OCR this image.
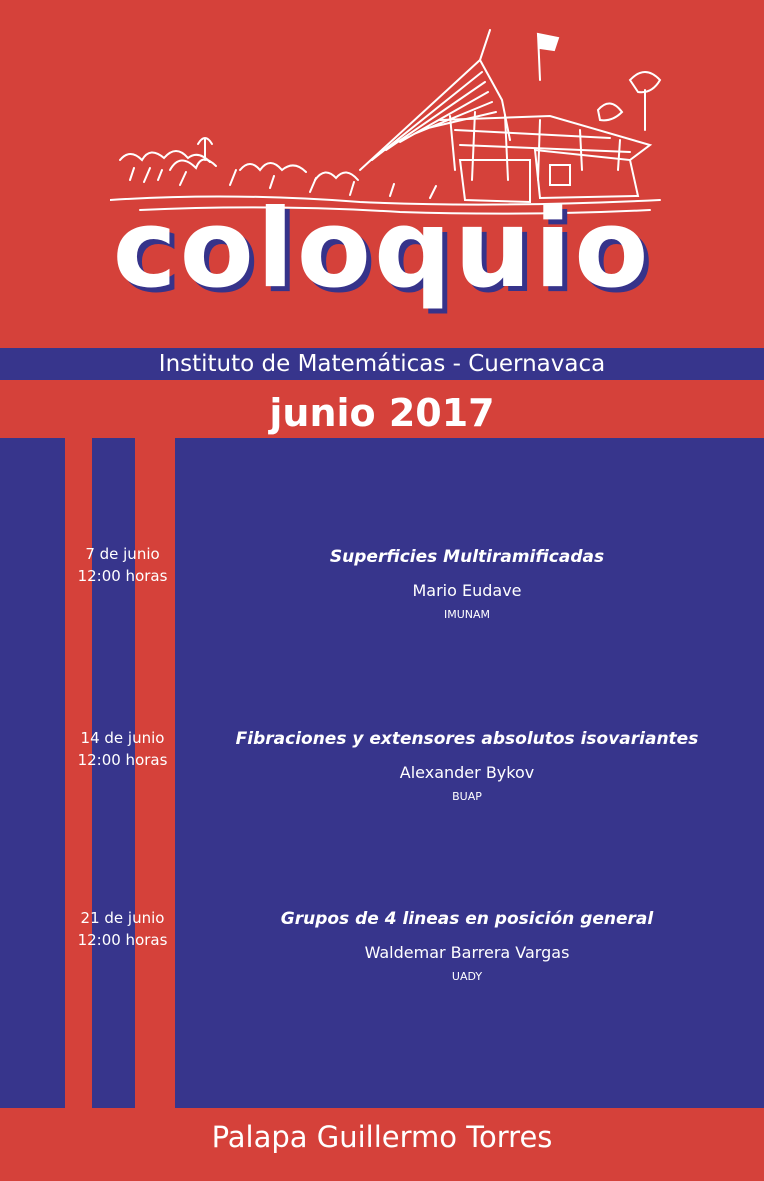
coloquio
Instituto de Matemáticas - Cuernavaca
junio 2017
7 de junio
12:00 horas
Superficies Multiramificadas
Mario Eudave
IMUNAM
14 de junio
12:00 horas
Fibraciones y extensores absolutos isovariantes
Alexander Bykov
BUAP
21 de junio
12:00 horas
Grupos de 4 lineas en posición general
Waldemar Barrera Vargas
UADY
Palapa Guillermo Torres
